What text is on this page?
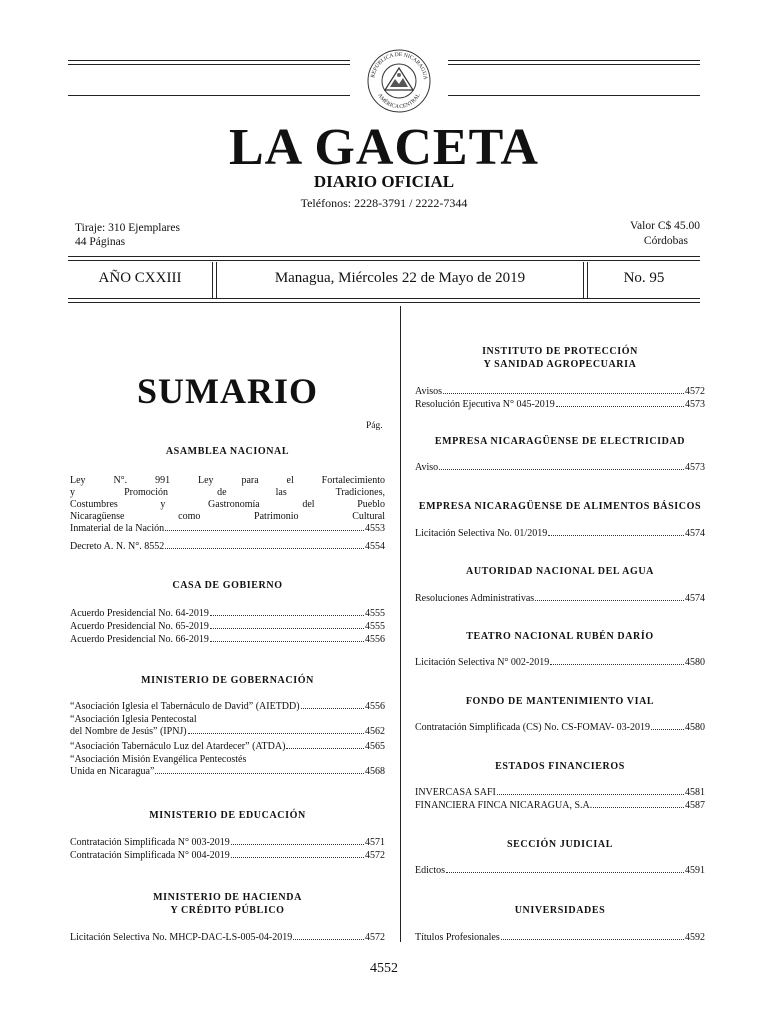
REPÚBLICA DE NICARAGUA
AMÉRICA CENTRAL
LA GACETA
DIARIO OFICIAL
Teléfonos: 2228-3791 / 2222-7344
Tiraje: 310 Ejemplares
44 Páginas
Valor C$ 45.00
Córdobas
AÑO CXXIII	Managua, Miércoles 22 de Mayo de 2019	No. 95
SUMARIO
Pág.
ASAMBLEA NACIONAL
Ley N°. 991 Ley para el Fortalecimiento
y Promoción de las Tradiciones,
Costumbres y Gastronomía del Pueblo
Nicaragüense como Patrimonio Cultural
Inmaterial de la Nación	4553
Decreto A. N. N°. 8552	4554
CASA DE GOBIERNO
Acuerdo Presidencial No. 64-2019	4555
Acuerdo Presidencial No. 65-2019	4555
Acuerdo Presidencial No. 66-2019	4556
MINISTERIO DE GOBERNACIÓN
“Asociación Iglesia el Tabernáculo de David” (AIETDD)	4556
“Asociación Iglesia Pentecostal
del Nombre de Jesús” (IPNJ)	4562
“Asociación Tabernáculo Luz del Atardecer” (ATDA)	4565
“Asociación Misión Evangélica Pentecostés
Unida en Nicaragua”	4568
MINISTERIO DE EDUCACIÓN
Contratación Simplificada N° 003-2019	4571
Contratación Simplificada N° 004-2019	4572
MINISTERIO DE HACIENDA
Y CRÉDITO PÚBLICO
Licitación Selectiva No. MHCP-DAC-LS-005-04-2019	4572
INSTITUTO DE PROTECCIÓN
Y SANIDAD AGROPECUARIA
Avisos	4572
Resolución Ejecutiva N° 045-2019	4573
EMPRESA NICARAGÜENSE DE ELECTRICIDAD
Aviso	4573
EMPRESA NICARAGÜENSE DE ALIMENTOS BÁSICOS
Licitación Selectiva No. 01/2019	4574
AUTORIDAD NACIONAL DEL AGUA
Resoluciones Administrativas	4574
TEATRO NACIONAL RUBÉN DARÍO
Licitación Selectiva N° 002-2019	4580
FONDO DE MANTENIMIENTO VIAL
Contratación Simplificada (CS) No. CS-FOMAV- 03-2019	4580
ESTADOS FINANCIEROS
INVERCASA SAFI	4581
FINANCIERA FINCA NICARAGUA, S.A.	4587
SECCIÓN JUDICIAL
Edictos	4591
UNIVERSIDADES
Títulos Profesionales	4592
4552
